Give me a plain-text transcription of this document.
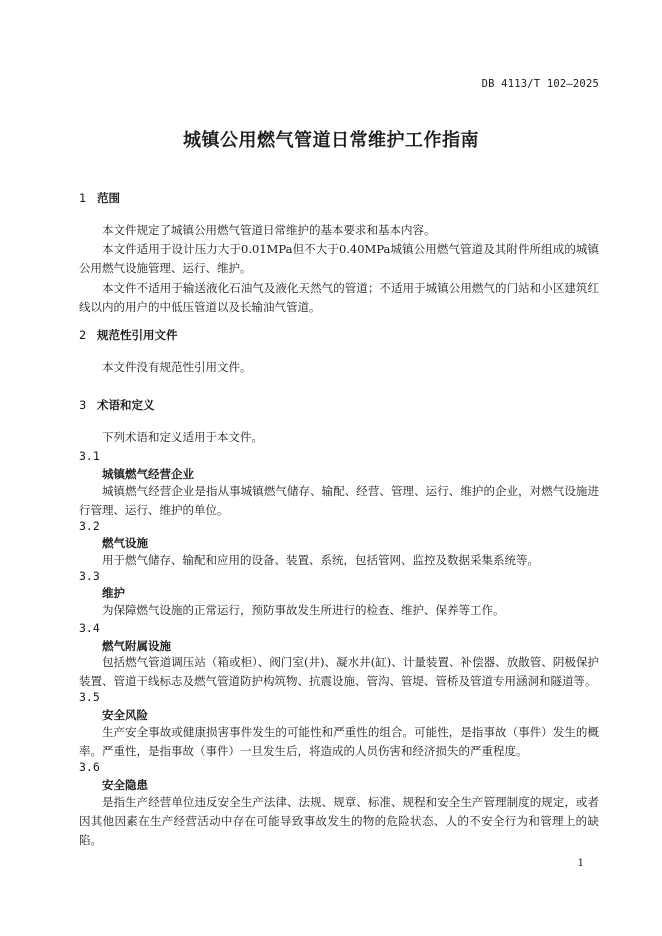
DB 4113/T 102—2025
城镇公用燃气管道日常维护工作指南
1 范围

本文件规定了城镇公用燃气管道日常维护的基本要求和基本内容。

本文件适用于设计压力大于0.01MPa但不大于0.40MPa城镇公用燃气管道及其附件所组成的城镇公用燃气设施管理、运行、维护。

本文件不适用于输送液化石油气及液化天然气的管道；不适用于城镇公用燃气的门站和小区建筑红线以内的用户的中低压管道以及长输油气管道。

2 规范性引用文件

本文件没有规范性引用文件。

3 术语和定义

下列术语和定义适用于本文件。

3.1
城镇燃气经营企业

城镇燃气经营企业是指从事城镇燃气储存、输配、经营、管理、运行、维护的企业，对燃气设施进行管理、运行、维护的单位。

3.2
燃气设施

用于燃气储存、输配和应用的设备、装置、系统，包括管网、监控及数据采集系统等。

3.3
维护

为保障燃气设施的正常运行，预防事故发生所进行的检查、维护、保养等工作。

3.4
燃气附属设施

包括燃气管道调压站（箱或柜）、阀门室(井)、凝水井(缸)、计量装置、补偿器、放散管、阴极保护装置、管道干线标志及燃气管道防护构筑物、抗震设施、管沟、管堤、管桥及管道专用涵洞和隧道等。

3.5
安全风险

生产安全事故或健康损害事件发生的可能性和严重性的组合。可能性，是指事故（事件）发生的概率。严重性，是指事故（事件）一旦发生后，将造成的人员伤害和经济损失的严重程度。

3.6
安全隐患

是指生产经营单位违反安全生产法律、法规、规章、标准、规程和安全生产管理制度的规定，或者因其他因素在生产经营活动中存在可能导致事故发生的物的危险状态、人的不安全行为和管理上的缺陷。

1
